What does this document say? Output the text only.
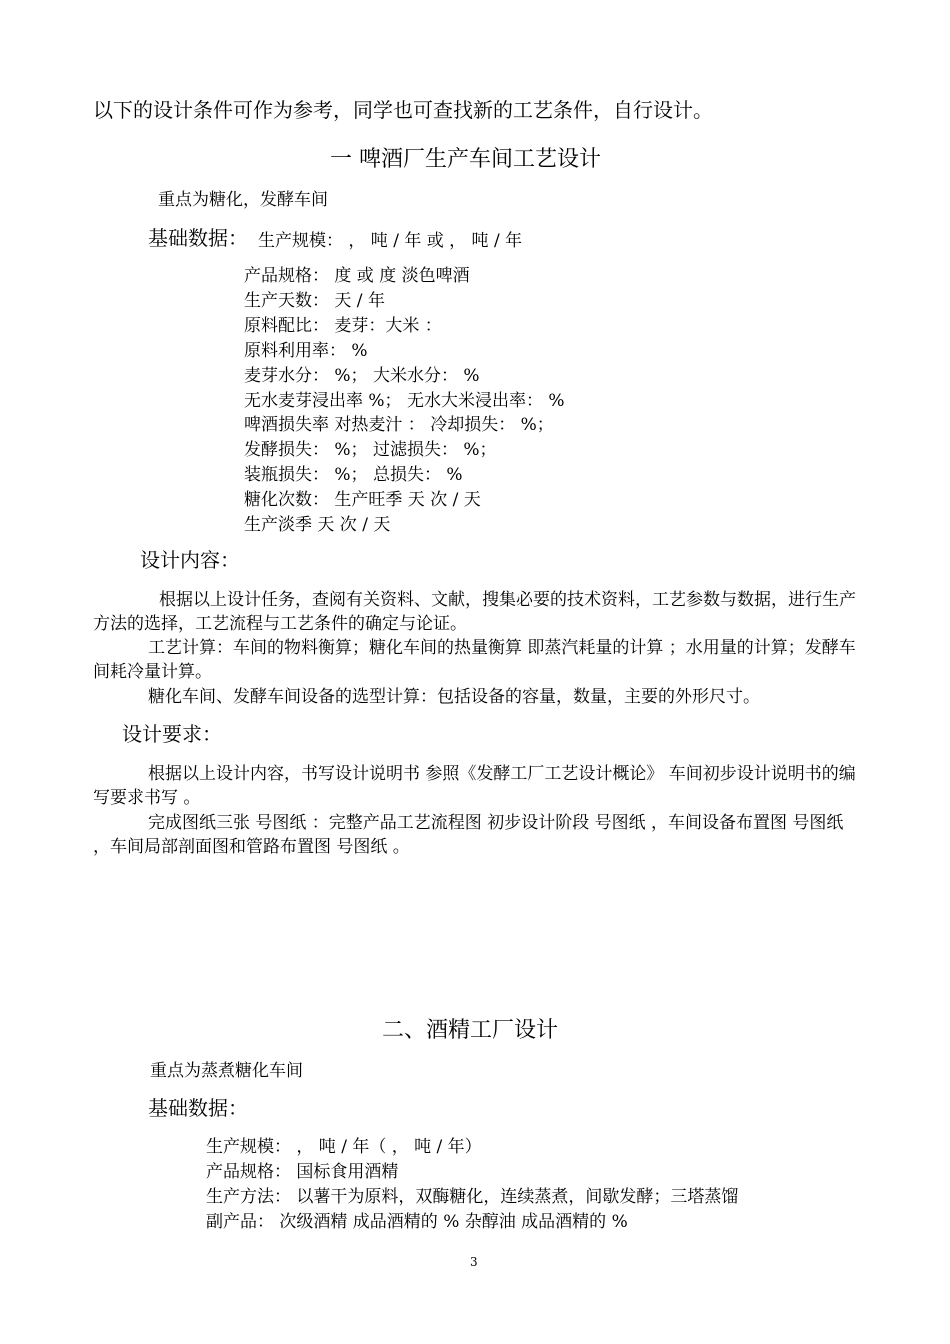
以下的设计条件可作为参考，同学也可查找新的工艺条件，自行设计。
一 啤酒厂生产车间工艺设计
重点为糖化，发酵车间
基础数据： 生产规模： ， 吨 / 年 或 ， 吨 / 年
产品规格： 度 或 度 淡色啤酒
生产天数： 天 / 年
原料配比： 麦芽：大米 ：
原料利用率： %
麦芽水分： %； 大米水分： %
无水麦芽浸出率 %； 无水大米浸出率： %
啤酒损失率 对热麦汁 ： 冷却损失： %；
发酵损失： %； 过滤损失： %；
装瓶损失： %； 总损失： %
糖化次数： 生产旺季 天 次 / 天
生产淡季 天 次 / 天
设计内容：
根据以上设计任务，查阅有关资料、文献，搜集必要的技术资料，工艺参数与数据，进行生产方法的选择，工艺流程与工艺条件的确定与论证。
工艺计算：车间的物料衡算；糖化车间的热量衡算 即蒸汽耗量的计算 ；水用量的计算；发酵车间耗冷量计算。
糖化车间、发酵车间设备的选型计算：包括设备的容量，数量，主要的外形尺寸。
设计要求：
根据以上设计内容，书写设计说明书 参照《发酵工厂工艺设计概论》 车间初步设计说明书的编写要求书写 。
完成图纸三张 号图纸 ：完整产品工艺流程图 初步设计阶段 号图纸 ，车间设备布置图 号图纸 ，车间局部剖面图和管路布置图 号图纸 。
二、酒精工厂设计
重点为蒸煮糖化车间
基础数据：
生产规模： ， 吨 / 年（ ， 吨 / 年）
产品规格： 国标食用酒精
生产方法： 以薯干为原料，双酶糖化，连续蒸煮，间歇发酵；三塔蒸馏
副产品： 次级酒精 成品酒精的 % 杂醇油 成品酒精的 %
3
